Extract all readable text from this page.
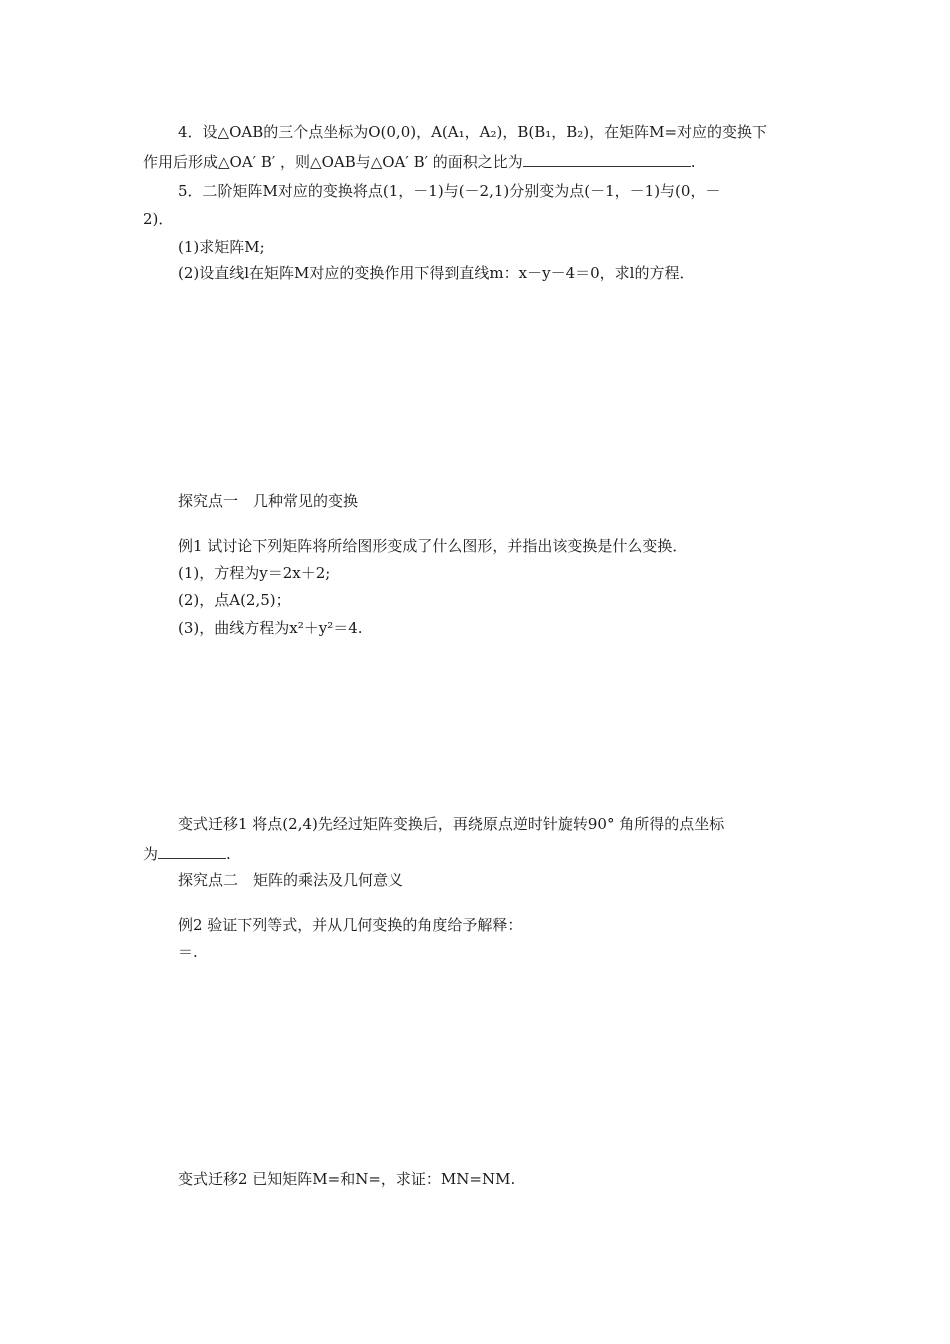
4．设△OAB的三个点坐标为O(0,0)，A(A₁，A₂)，B(B₁，B₂)，在矩阵M=对应的变换下
作用后形成△OA′ B′ ，则△OAB与△OA′ B′ 的面积之比为	.
5．二阶矩阵M对应的变换将点(1，－1)与(－2,1)分别变为点(－1，－1)与(0，－
2)．
(1)求矩阵M;
(2)设直线l在矩阵M对应的变换作用下得到直线m：x－y－4＝0，求l的方程．
探究点一　几种常见的变换
例1 试讨论下列矩阵将所给图形变成了什么图形，并指出该变换是什么变换．
(1)，方程为y＝2x＋2;
(2)，点A(2,5)；
(3)，曲线方程为x²＋y²＝4.
变式迁移1 将点(2,4)先经过矩阵变换后，再绕原点逆时针旋转90° 角所得的点坐标
为	.
探究点二　矩阵的乘法及几何意义
例2 验证下列等式，并从几何变换的角度给予解释：
＝.
变式迁移2 已知矩阵M=和N=，求证：MN=NM.
